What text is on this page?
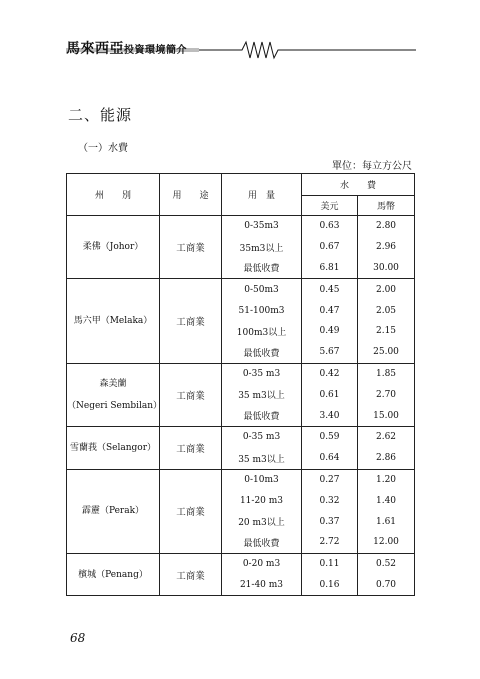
馬來西亞投資環境簡介
二、能源
（一）水費
單位：每立方公尺
州　　別	用　　途	用　量	水　　費	
			美元	馬幣

柔佛（Johor）	工商業	0-35m3	0.63	2.80
		35m3以上	0.67	2.96
		最低收費	6.81	30.00

馬六甲（Melaka）	工商業	0-50m3	0.45	2.00
		51-100m3	0.47	2.05
		100m3以上	0.49	2.15
		最低收費	5.67	25.00

森美蘭
（Negeri Sembilan）	工商業	0-35 m3	0.42	1.85
		35 m3以上	0.61	2.70
		最低收費	3.40	15.00

雪蘭莪（Selangor）	工商業	0-35 m3	0.59	2.62
		35 m3以上	0.64	2.86

霹靂（Perak）	工商業	0-10m3	0.27	1.20
		11-20 m3	0.32	1.40
		20 m3以上	0.37	1.61
		最低收費	2.72	12.00

檳城（Penang）	工商業	0-20 m3	0.11	0.52
		21-40 m3	0.16	0.70
68
